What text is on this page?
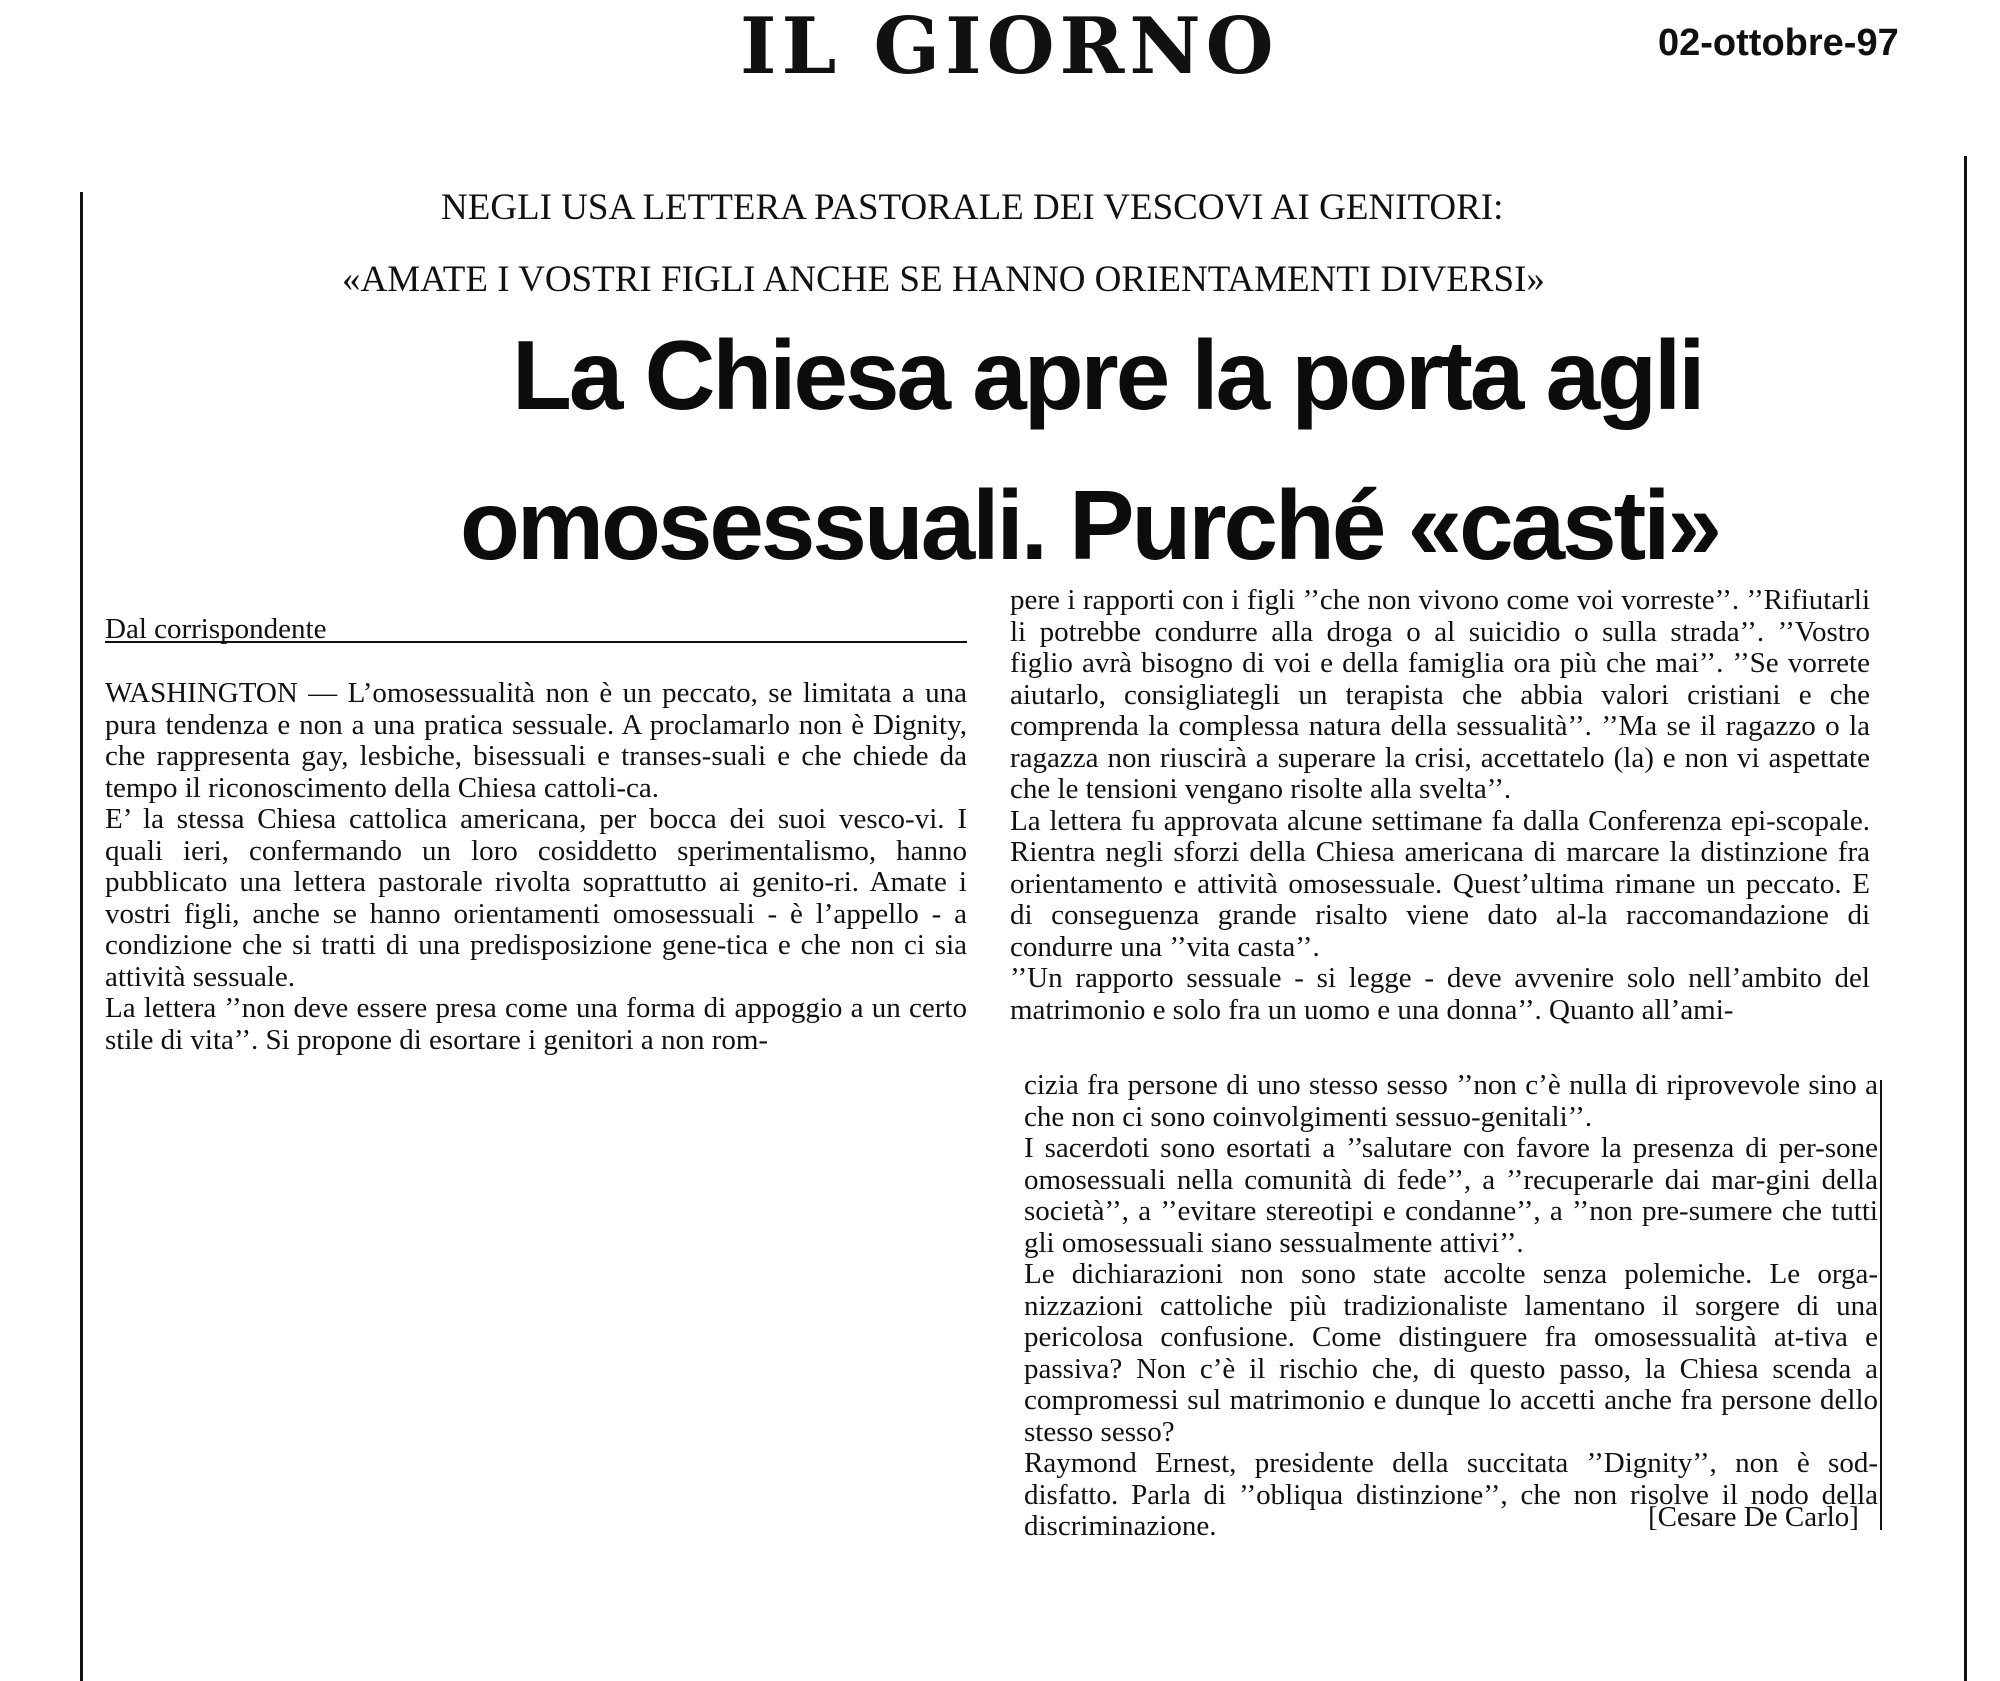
IL GIORNO	02-ottobre-97
NEGLI USA LETTERA PASTORALE DEI VESCOVI AI GENITORI:
«AMATE I VOSTRI FIGLI ANCHE SE HANNO ORIENTAMENTI DIVERSI»
La Chiesa apre la porta agli
omosessuali. Purché «casti»
Dal corrispondente

WASHINGTON — L’omosessualità non è un peccato, se limitata a una pura tendenza e non a una pratica sessuale. A proclamarlo non è Dignity, che rappresenta gay, lesbiche, bisessuali e transes-suali e che chiede da tempo il riconoscimento della Chiesa cattoli-ca.

E’ la stessa Chiesa cattolica americana, per bocca dei suoi vesco-vi. I quali ieri, confermando un loro cosiddetto sperimentalismo, hanno pubblicato una lettera pastorale rivolta soprattutto ai genito-ri. Amate i vostri figli, anche se hanno orientamenti omosessuali - è l’appello - a condizione che si tratti di una predisposizione gene-tica e che non ci sia attività sessuale.

La lettera ’’non deve essere presa come una forma di appoggio a un certo stile di vita’’. Si propone di esortare i genitori a non rom-

pere i rapporti con i figli ’’che non vivono come voi vorreste’’. ’’Rifiutarli li potrebbe condurre alla droga o al suicidio o sulla strada’’. ’’Vostro figlio avrà bisogno di voi e della famiglia ora più che mai’’. ’’Se vorrete aiutarlo, consigliategli un terapista che abbia valori cristiani e che comprenda la complessa natura della sessualità’’. ’’Ma se il ragazzo o la ragazza non riuscirà a superare la crisi, accettatelo (la) e non vi aspettate che le tensioni vengano risolte alla svelta’’.

La lettera fu approvata alcune settimane fa dalla Conferenza epi-scopale. Rientra negli sforzi della Chiesa americana di marcare la distinzione fra orientamento e attività omosessuale. Quest’ultima rimane un peccato. E di conseguenza grande risalto viene dato al-la raccomandazione di condurre una ’’vita casta’’.

’’Un rapporto sessuale - si legge - deve avvenire solo nell’ambito del matrimonio e solo fra un uomo e una donna’’. Quanto all’ami-

cizia fra persone di uno stesso sesso ’’non c’è nulla di riprovevole sino a che non ci sono coinvolgimenti sessuo-genitali’’.

I sacerdoti sono esortati a ’’salutare con favore la presenza di per-sone omosessuali nella comunità di fede’’, a ’’recuperarle dai mar-gini della società’’, a ’’evitare stereotipi e condanne’’, a ’’non pre-sumere che tutti gli omosessuali siano sessualmente attivi’’.

Le dichiarazioni non sono state accolte senza polemiche. Le orga-nizzazioni cattoliche più tradizionaliste lamentano il sorgere di una pericolosa confusione. Come distinguere fra omosessualità at-tiva e passiva? Non c’è il rischio che, di questo passo, la Chiesa scenda a compromessi sul matrimonio e dunque lo accetti anche fra persone dello stesso sesso?

Raymond Ernest, presidente della succitata ’’Dignity’’, non è sod-disfatto. Parla di ’’obliqua distinzione’’, che non risolve il nodo della discriminazione.	[Cesare De Carlo]
